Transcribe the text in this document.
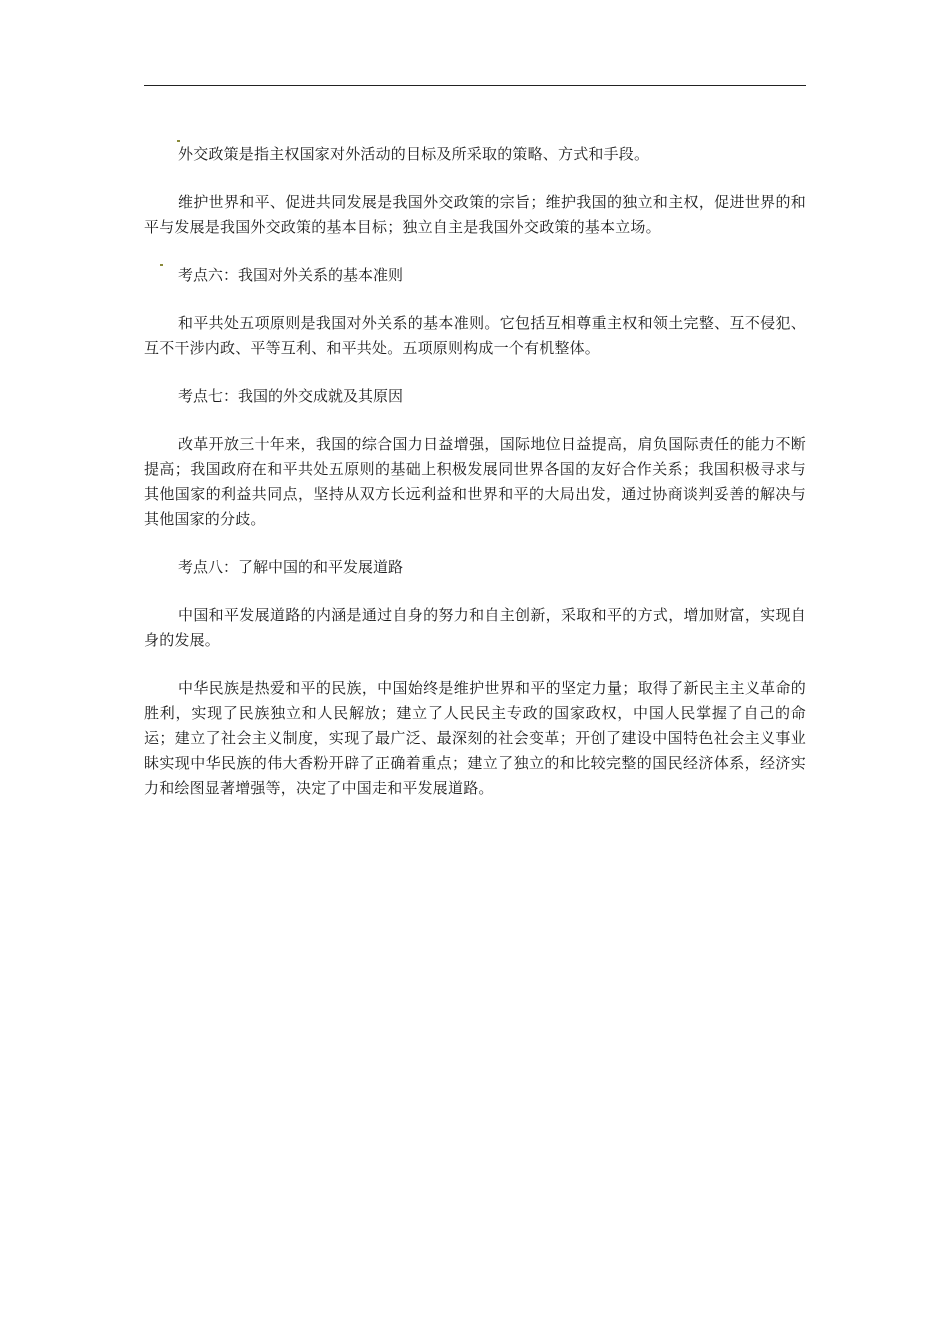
外交政策是指主权国家对外活动的目标及所采取的策略、方式和手段。

维护世界和平、促进共同发展是我国外交政策的宗旨；维护我国的独立和主权，促进世界的和平与发展是我国外交政策的基本目标；独立自主是我国外交政策的基本立场。

考点六：我国对外关系的基本准则

和平共处五项原则是我国对外关系的基本准则。它包括互相尊重主权和领土完整、互不侵犯、互不干涉内政、平等互利、和平共处。五项原则构成一个有机整体。

考点七：我国的外交成就及其原因

改革开放三十年来，我国的综合国力日益增强，国际地位日益提高，肩负国际责任的能力不断提高；我国政府在和平共处五原则的基础上积极发展同世界各国的友好合作关系；我国积极寻求与其他国家的利益共同点，坚持从双方长远利益和世界和平的大局出发，通过协商谈判妥善的解决与其他国家的分歧。

考点八：了解中国的和平发展道路

中国和平发展道路的内涵是通过自身的努力和自主创新，采取和平的方式，增加财富，实现自身的发展。

中华民族是热爱和平的民族，中国始终是维护世界和平的坚定力量；取得了新民主主义革命的胜利，实现了民族独立和人民解放；建立了人民民主专政的国家政权，中国人民掌握了自己的命运；建立了社会主义制度，实现了最广泛、最深刻的社会变革；开创了建设中国特色社会主义事业眛实现中华民族的伟大香粉开辟了正确着重点；建立了独立的和比较完整的国民经济体系，经济实力和绘图显著增强等，决定了中国走和平发展道路。
